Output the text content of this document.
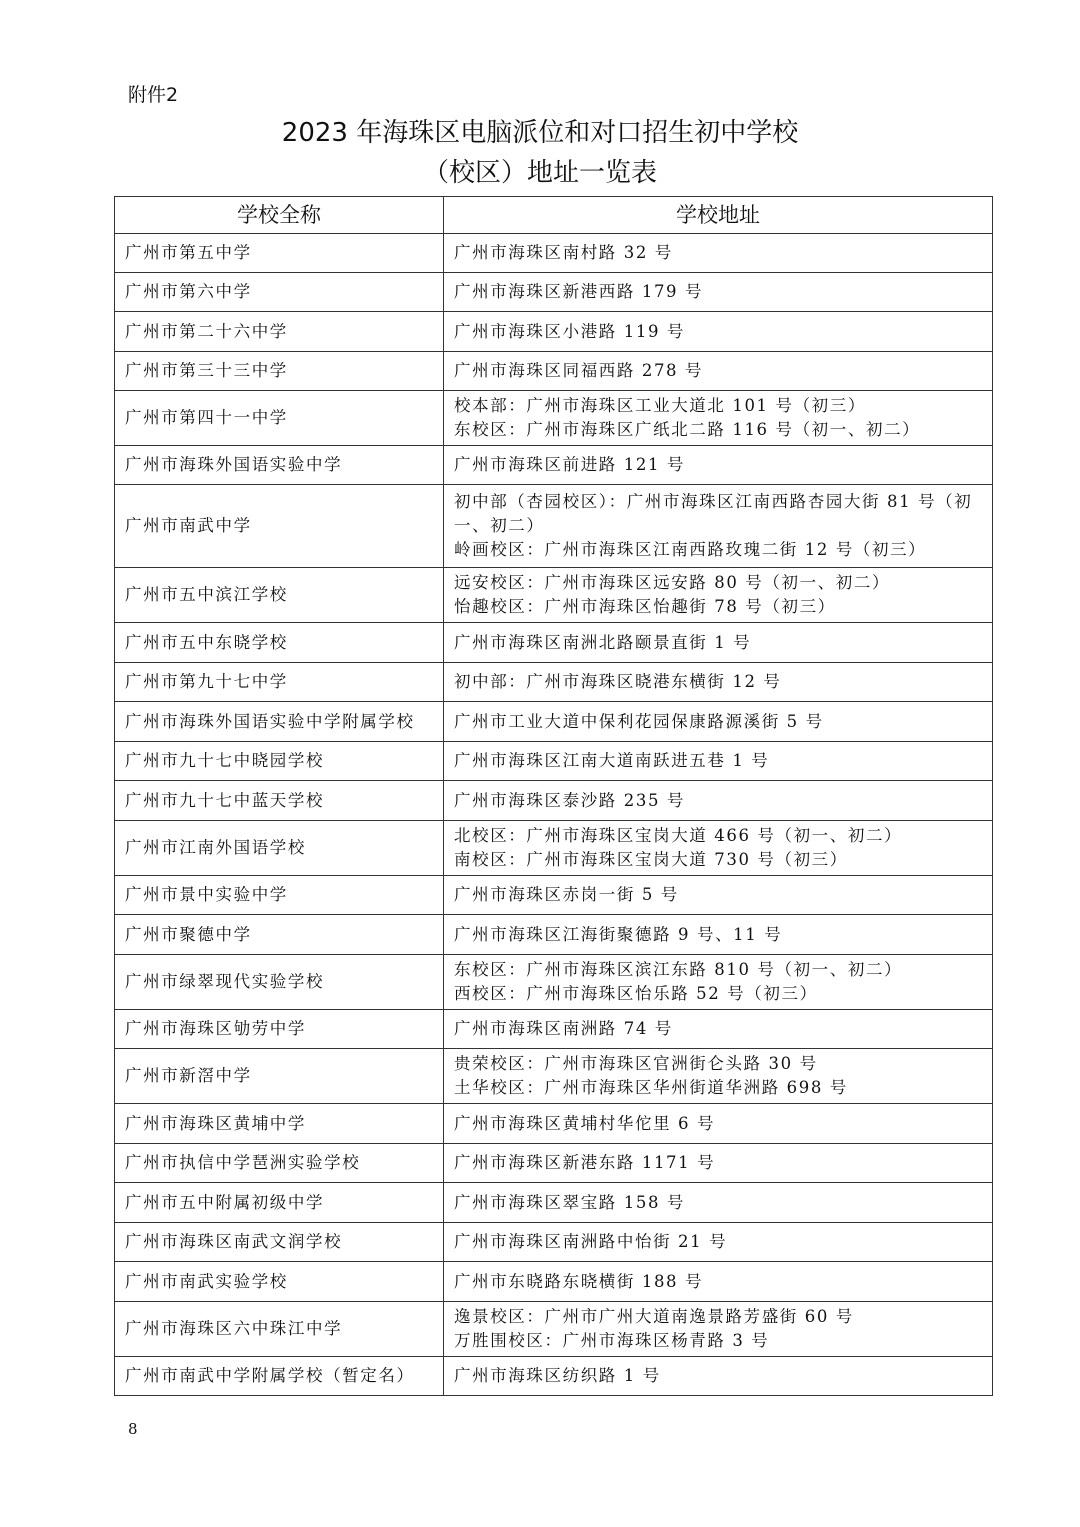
附件2
2023 年海珠区电脑派位和对口招生初中学校
（校区）地址一览表
学校全称	学校地址
广州市第五中学	广州市海珠区南村路 32 号

广州市第六中学	广州市海珠区新港西路 179 号

广州市第二十六中学	广州市海珠区小港路 119 号

广州市第三十三中学	广州市海珠区同福西路 278 号

广州市第四十一中学	校本部：广州市海珠区工业大道北 101 号（初三）
东校区：广州市海珠区广纸北二路 116 号（初一、初二）

广州市海珠外国语实验中学	广州市海珠区前进路 121 号

广州市南武中学	初中部（杏园校区）：广州市海珠区江南西路杏园大街 81 号（初一、初二）
岭画校区：广州市海珠区江南西路玫瑰二街 12 号（初三）

广州市五中滨江学校	远安校区：广州市海珠区远安路 80 号（初一、初二）
怡趣校区：广州市海珠区怡趣街 78 号（初三）

广州市五中东晓学校	广州市海珠区南洲北路颐景直街 1 号

广州市第九十七中学	初中部：广州市海珠区晓港东横街 12 号

广州市海珠外国语实验中学附属学校	广州市工业大道中保利花园保康路源溪街 5 号

广州市九十七中晓园学校	广州市海珠区江南大道南跃进五巷 1 号

广州市九十七中蓝天学校	广州市海珠区泰沙路 235 号

广州市江南外国语学校	北校区：广州市海珠区宝岗大道 466 号（初一、初二）
南校区：广州市海珠区宝岗大道 730 号（初三）

广州市景中实验中学	广州市海珠区赤岗一街 5 号

广州市聚德中学	广州市海珠区江海街聚德路 9 号、11 号

广州市绿翠现代实验学校	东校区：广州市海珠区滨江东路 810 号（初一、初二）
西校区：广州市海珠区怡乐路 52 号（初三）

广州市海珠区劬劳中学	广州市海珠区南洲路 74 号

广州市新滘中学	贵荣校区：广州市海珠区官洲街仑头路 30 号
土华校区：广州市海珠区华州街道华洲路 698 号

广州市海珠区黄埔中学	广州市海珠区黄埔村华佗里 6 号

广州市执信中学琶洲实验学校	广州市海珠区新港东路 1171 号

广州市五中附属初级中学	广州市海珠区翠宝路 158 号

广州市海珠区南武文润学校	广州市海珠区南洲路中怡街 21 号

广州市南武实验学校	广州市东晓路东晓横街 188 号

广州市海珠区六中珠江中学	逸景校区：广州市广州大道南逸景路芳盛街 60 号
万胜围校区：广州市海珠区杨青路 3 号

广州市南武中学附属学校（暂定名）	广州市海珠区纺织路 1 号
8
